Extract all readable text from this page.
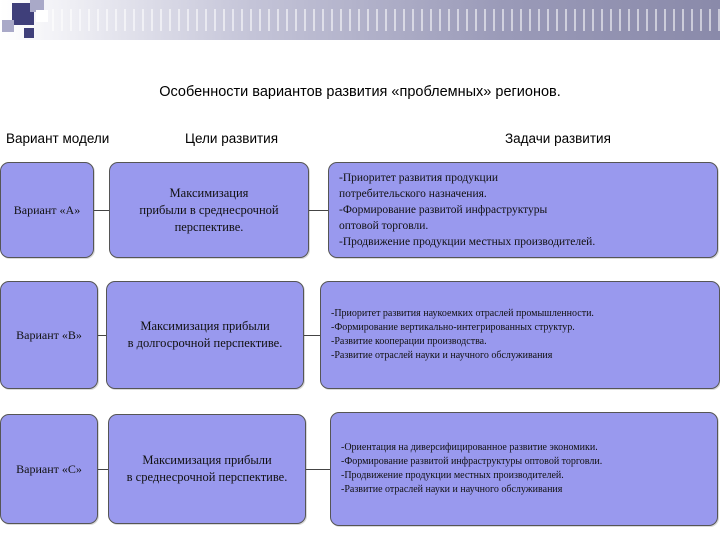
Особенности вариантов развития «проблемных» регионов.
Вариант модели	Цели развития	Задачи развития
Вариант «А»
Максимизация
прибыли в среднесрочной
перспективе.
-Приоритет развития продукции
потребительского назначения.
-Формирование развитой инфраструктуры
оптовой торговли.
-Продвижение продукции местных производителей.
Вариант «B»
Максимизация прибыли
в долгосрочной перспективе.
-Приоритет развития наукоемких отраслей промышленности.
-Формирование вертикально-интегрированных структур.
-Развитие кооперации производства.
-Развитие отраслей науки и научного обслуживания
Вариант «С»
Максимизация прибыли
в среднесрочной перспективе.
-Ориентация на диверсифицированное развитие экономики.
-Формирование развитой инфраструктуры оптовой торговли.
-Продвижение продукции местных производителей.
-Развитие отраслей науки и научного обслуживания
